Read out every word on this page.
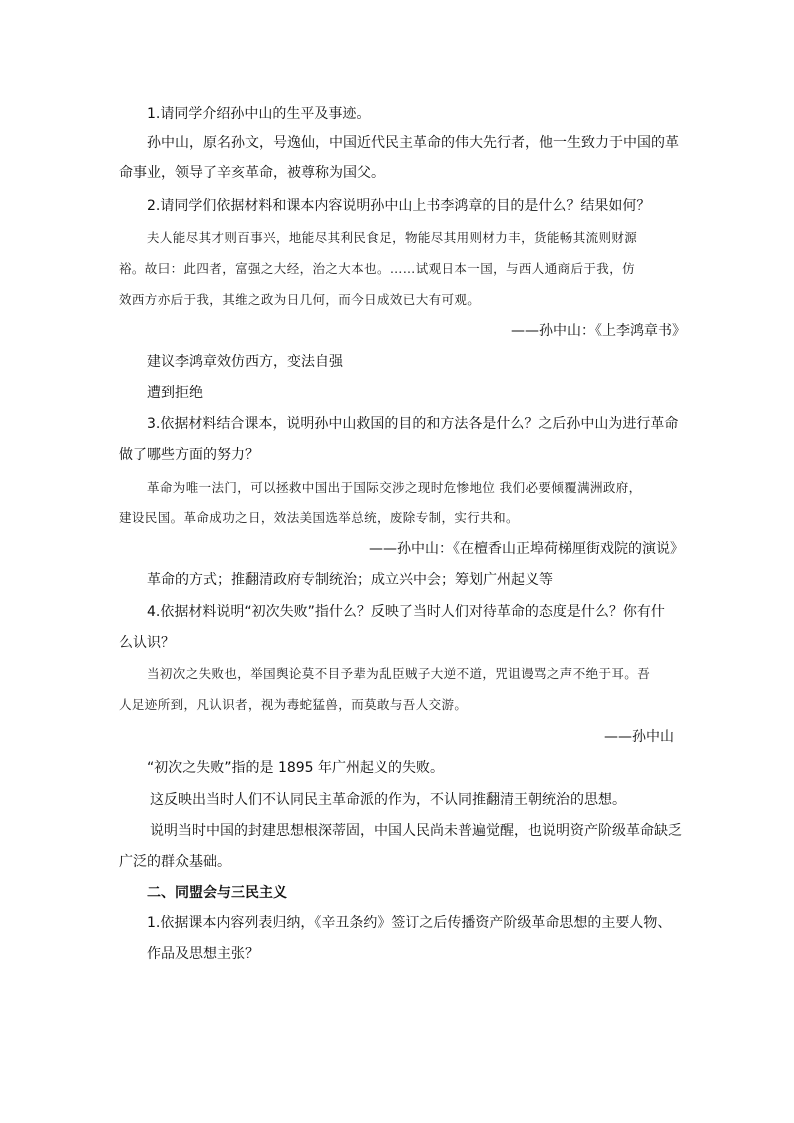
1.请同学介绍孙中山的生平及事迹。
孙中山，原名孙文，号逸仙，中国近代民主革命的伟大先行者，他一生致力于中国的革
命事业，领导了辛亥革命，被尊称为国父。
2.请同学们依据材料和课本内容说明孙中山上书李鸿章的目的是什么？结果如何？
夫人能尽其才则百事兴，地能尽其利民食足，物能尽其用则材力丰，货能畅其流则财源
裕。故曰：此四者，富强之大经，治之大本也。……试观日本一国，与西人通商后于我，仿
效西方亦后于我，其维之政为日几何，而今日成效已大有可观。
——孙中山：《上李鸿章书》
建议李鸿章效仿西方，变法自强
遭到拒绝
3.依据材料结合课本，说明孙中山救国的目的和方法各是什么？之后孙中山为进行革命
做了哪些方面的努力？
革命为唯一法门，可以拯救中国出于国际交涉之现时危惨地位 我们必要倾覆满洲政府，
建设民国。革命成功之日，效法美国选举总统，废除专制，实行共和。
——孙中山：《在檀香山正埠荷梯厘街戏院的演说》
革命的方式；推翻清政府专制统治；成立兴中会；筹划广州起义等
4.依据材料说明“初次失败”指什么？反映了当时人们对待革命的态度是什么？你有什
么认识？
当初次之失败也，举国舆论莫不目予辈为乱臣贼子大逆不道，咒诅谩骂之声不绝于耳。吾
人足迹所到，凡认识者，视为毒蛇猛兽，而莫敢与吾人交游。
——孙中山
“初次之失败”指的是 1895 年广州起义的失败。
这反映出当时人们不认同民主革命派的作为，不认同推翻清王朝统治的思想。
说明当时中国的封建思想根深蒂固，中国人民尚未普遍觉醒，也说明资产阶级革命缺乏
广泛的群众基础。
二、同盟会与三民主义
1.依据课本内容列表归纳，《辛丑条约》签订之后传播资产阶级革命思想的主要人物、
作品及思想主张？
